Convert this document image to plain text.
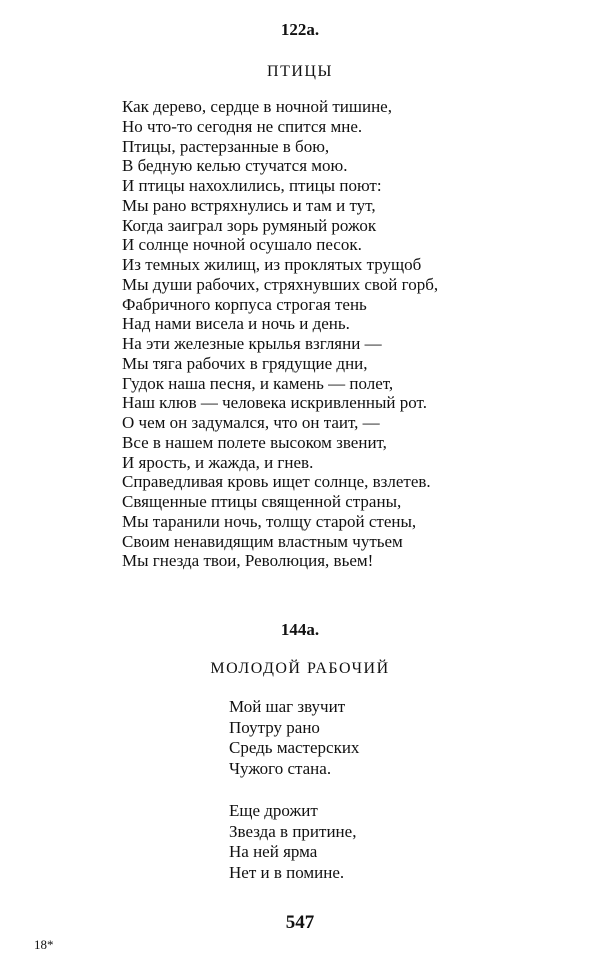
122а.
ПТИЦЫ
Как дерево, сердце в ночной тишине,
Но что-то сегодня не спится мне.
Птицы, растерзанные в бою,
В бедную келью стучатся мою.
И птицы нахохлились, птицы поют:
Мы рано встряхнулись и там и тут,
Когда заиграл зорь румяный рожок
И солнце ночной осушало песок.
Из темных жилищ, из проклятых трущоб
Мы души рабочих, стряхнувших свой горб,
Фабричного корпуса строгая тень
Над нами висела и ночь и день.
На эти железные крылья взгляни —
Мы тяга рабочих в грядущие дни,
Гудок наша песня, и камень — полет,
Наш клюв — человека искривленный рот.
О чем он задумался, что он таит, —
Все в нашем полете высоком звенит,
И ярость, и жажда, и гнев.
Справедливая кровь ищет солнце, взлетев.
Священные птицы священной страны,
Мы таранили ночь, толщу старой стены,
Своим ненавидящим властным чутьем
Мы гнезда твои, Революция, вьем!
144а.
МОЛОДОЙ РАБОЧИЙ
Мой шаг звучит
Поутру рано
Средь мастерских
Чужого стана.
Еще дрожит
Звезда в притине,
На ней ярма
Нет и в помине.
547
18*
